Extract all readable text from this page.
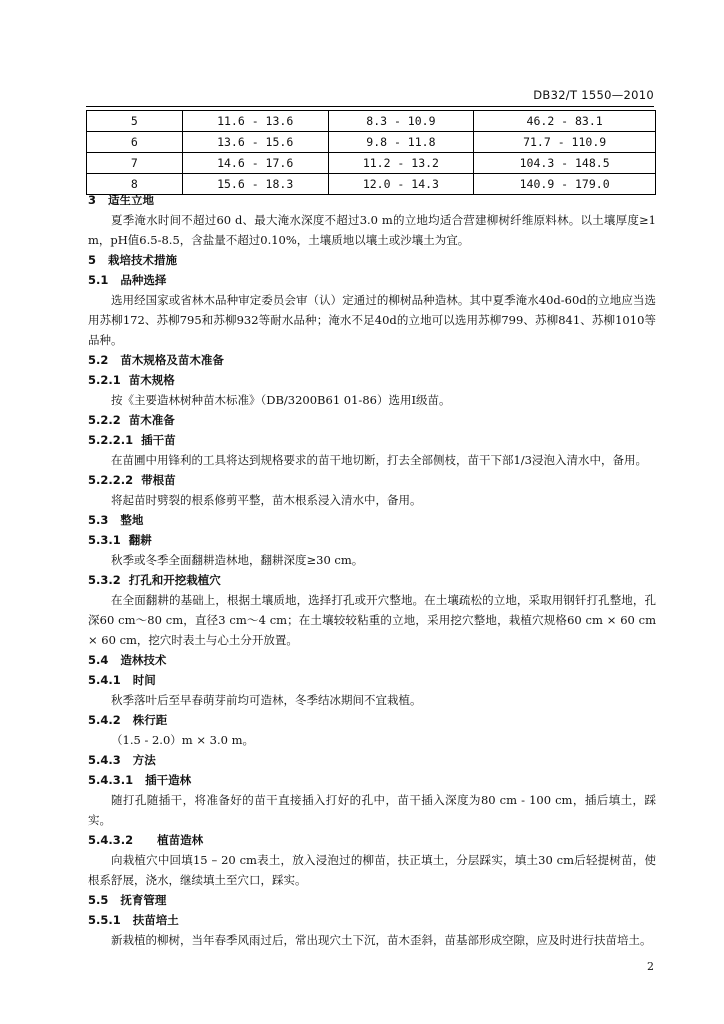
DB32/T 1550—2010
5	11.6 - 13.6	8.3 - 10.9	46.2 - 83.1
6	13.6 - 15.6	9.8 - 11.8	71.7 - 110.9
7	14.6 - 17.6	11.2 - 13.2	104.3 - 148.5
8	15.6 - 18.3	12.0 - 14.3	140.9 - 179.0
3   适生立地
夏季淹水时间不超过60 d、最大淹水深度不超过3.0 m的立地均适合营建柳树纤维原料林。以土壤厚度≥1 m，pH值6.5-8.5，含盐量不超过0.10%，土壤质地以壤土或沙壤土为宜。
5   栽培技术措施
5.1   品种选择
选用经国家或省林木品种审定委员会审（认）定通过的柳树品种造林。其中夏季淹水40d-60d的立地应当选用苏柳172、苏柳795和苏柳932等耐水品种；淹水不足40d的立地可以选用苏柳799、苏柳841、苏柳1010等品种。
5.2   苗木规格及苗木准备
5.2.1  苗木规格
按《主要造林树种苗木标准》（DB/3200B61 01-86）选用Ⅰ级苗。
5.2.2  苗木准备
5.2.2.1  插干苗
在苗圃中用锋利的工具将达到规格要求的苗干地切断，打去全部侧枝，苗干下部1/3浸泡入清水中，备用。
5.2.2.2  带根苗
将起苗时劈裂的根系修剪平整，苗木根系浸入清水中，备用。
5.3   整地
5.3.1  翻耕
秋季或冬季全面翻耕造林地，翻耕深度≥30 cm。
5.3.2  打孔和开挖栽植穴
在全面翻耕的基础上，根据土壤质地，选择打孔或开穴整地。在土壤疏松的立地，采取用钢钎打孔整地，孔深60 cm～80 cm，直径3 cm～4 cm；在土壤较较粘重的立地，采用挖穴整地，栽植穴规格60 cm × 60 cm × 60 cm，挖穴时表土与心土分开放置。
5.4   造林技术
5.4.1   时间
秋季落叶后至早春萌芽前均可造林，冬季结冰期间不宜栽植。
5.4.2   株行距
（1.5 - 2.0）m × 3.0 m。
5.4.3   方法
5.4.3.1   插干造林
随打孔随插干，将准备好的苗干直接插入打好的孔中，苗干插入深度为80 cm - 100 cm，插后填土，踩实。
5.4.3.2      植苗造林
向栽植穴中回填15 – 20 cm表土，放入浸泡过的柳苗，扶正填土，分层踩实，填土30 cm后轻提树苗，使根系舒展，浇水，继续填土至穴口，踩实。
5.5   抚育管理
5.5.1   扶苗培土
新栽植的柳树，当年春季风雨过后，常出现穴土下沉，苗木歪斜，苗基部形成空隙，应及时进行扶苗培土。
2
